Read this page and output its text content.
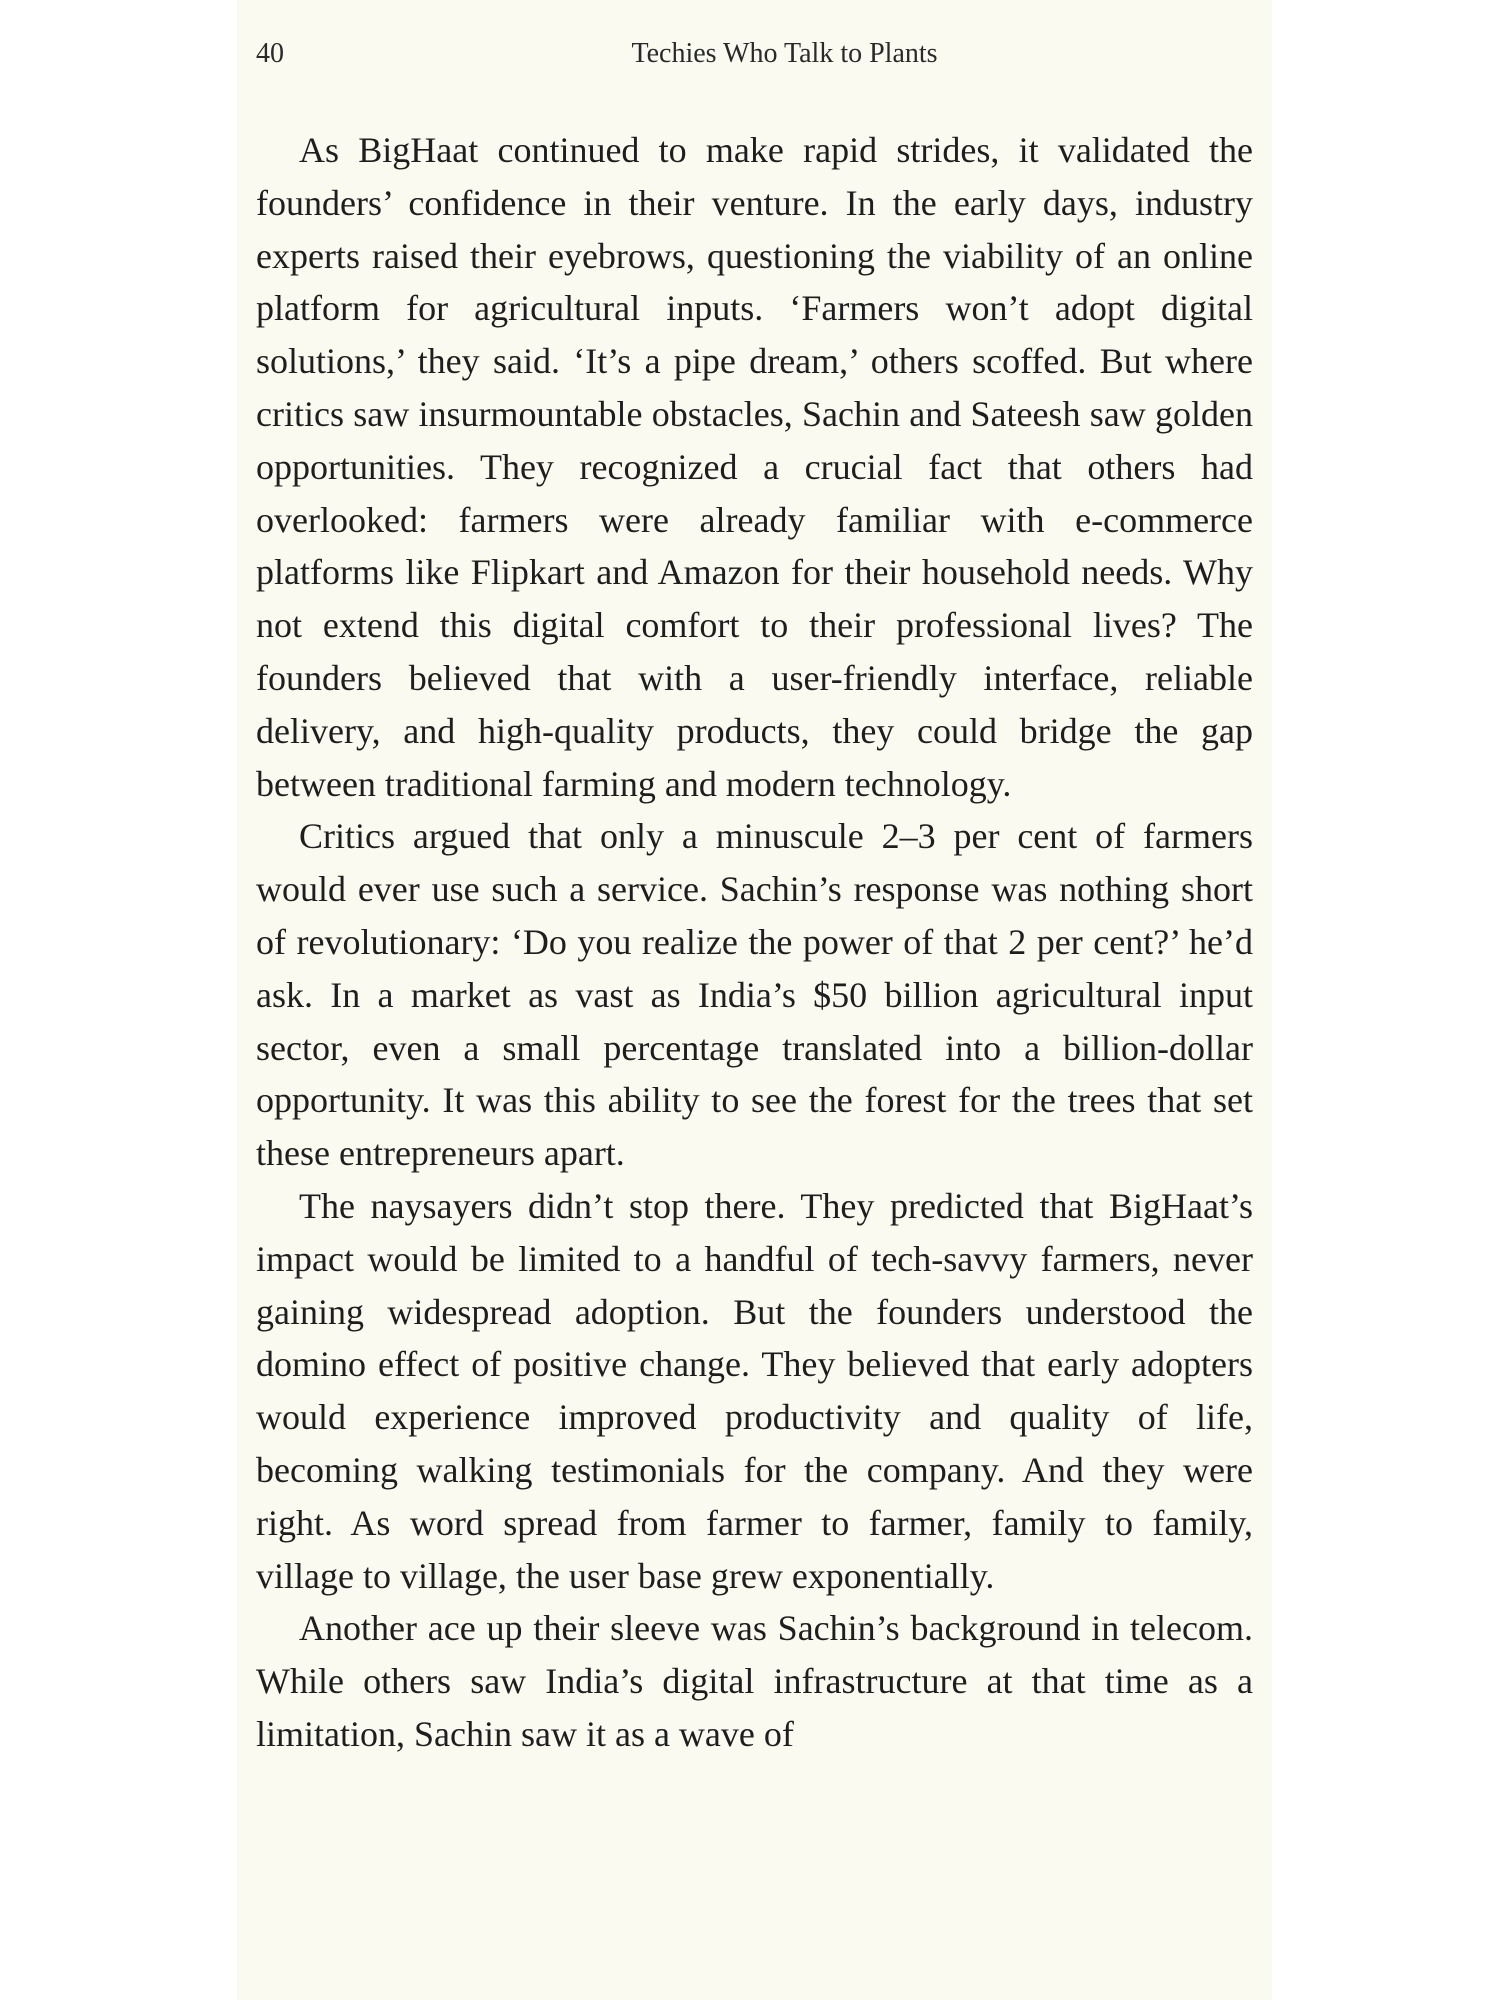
40	Techies Who Talk to Plants

As BigHaat continued to make rapid strides, it validated the founders’ confidence in their venture. In the early days, industry experts raised their eyebrows, questioning the viability of an online platform for agricultural inputs. ‘Farmers won’t adopt digital solutions,’ they said. ‘It’s a pipe dream,’ others scoffed. But where critics saw insurmountable obstacles, Sachin and Sateesh saw golden opportunities. They recognized a crucial fact that others had overlooked: farmers were already familiar with e-commerce platforms like Flipkart and Amazon for their household needs. Why not extend this digital comfort to their professional lives? The founders believed that with a user-friendly interface, reliable delivery, and high-quality products, they could bridge the gap between traditional farming and modern technology.

Critics argued that only a minuscule 2–3 per cent of farmers would ever use such a service. Sachin’s response was nothing short of revolutionary: ‘Do you realize the power of that 2 per cent?’ he’d ask. In a market as vast as India’s $50 billion agricultural input sector, even a small percentage translated into a billion-dollar opportunity. It was this ability to see the forest for the trees that set these entrepreneurs apart.

The naysayers didn’t stop there. They predicted that BigHaat’s impact would be limited to a handful of tech-savvy farmers, never gaining widespread adoption. But the founders understood the domino effect of positive change. They believed that early adopters would experience improved productivity and quality of life, becoming walking testimonials for the company. And they were right. As word spread from farmer to farmer, family to family, village to village, the user base grew exponentially.

Another ace up their sleeve was Sachin’s background in telecom. While others saw India’s digital infrastructure at that time as a limitation, Sachin saw it as a wave of
